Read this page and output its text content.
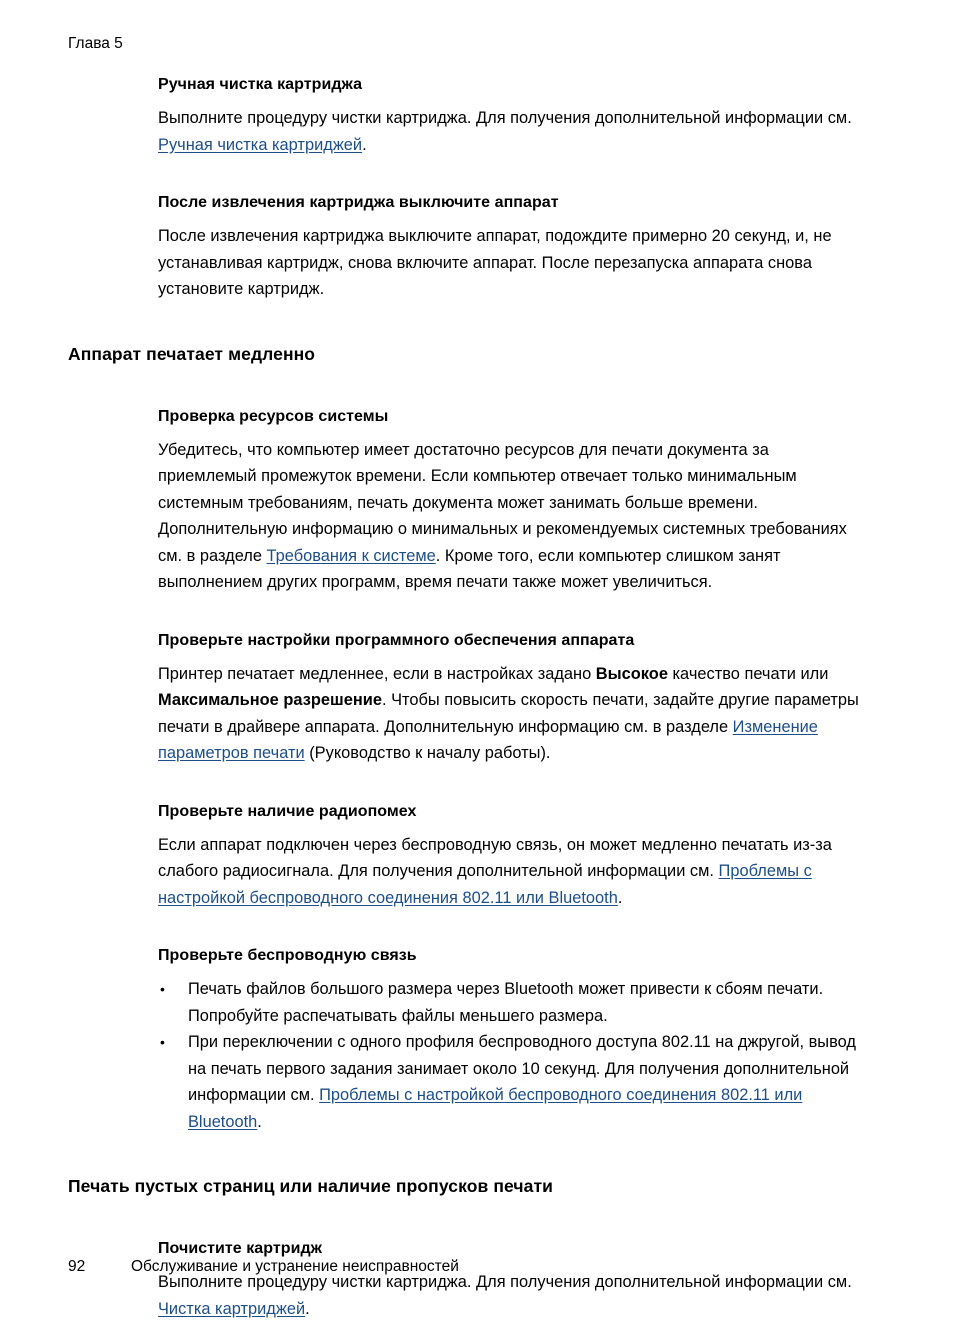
Глава 5
Ручная чистка картриджа

Выполните процедуру чистки картриджа. Для получения дополнительной информации см. Ручная чистка картриджей.

После извлечения картриджа выключите аппарат

После извлечения картриджа выключите аппарат, подождите примерно 20 секунд, и, не устанавливая картридж, снова включите аппарат. После перезапуска аппарата снова установите картридж.

Аппарат печатает медленно
Проверка ресурсов системы

Убедитесь, что компьютер имеет достаточно ресурсов для печати документа за приемлемый промежуток времени. Если компьютер отвечает только минимальным системным требованиям, печать документа может занимать больше времени. Дополнительную информацию о минимальных и рекомендуемых системных требованиях см. в разделе Требования к системе. Кроме того, если компьютер слишком занят выполнением других программ, время печати также может увеличиться.

Проверьте настройки программного обеспечения аппарата

Принтер печатает медленнее, если в настройках задано Высокое качество печати или Максимальное разрешение. Чтобы повысить скорость печати, задайте другие параметры печати в драйвере аппарата. Дополнительную информацию см. в разделе Изменение параметров печати (Руководство к началу работы).

Проверьте наличие радиопомех

Если аппарат подключен через беспроводную связь, он может медленно печатать из-за слабого радиосигнала. Для получения дополнительной информации см. Проблемы с настройкой беспроводного соединения 802.11 или Bluetooth.

Проверьте беспроводную связь
• Печать файлов большого размера через Bluetooth может привести к сбоям печати. Попробуйте распечатывать файлы меньшего размера.
• При переключении с одного профиля беспроводного доступа 802.11 на джругой, вывод на печать первого задания занимает около 10 секунд. Для получения дополнительной информации см. Проблемы с настройкой беспроводного соединения 802.11 или Bluetooth.
Печать пустых страниц или наличие пропусков печати
Почистите картридж

Выполните процедуру чистки картриджа. Для получения дополнительной информации см. Чистка картриджей.

92	Обслуживание и устранение неисправностей
